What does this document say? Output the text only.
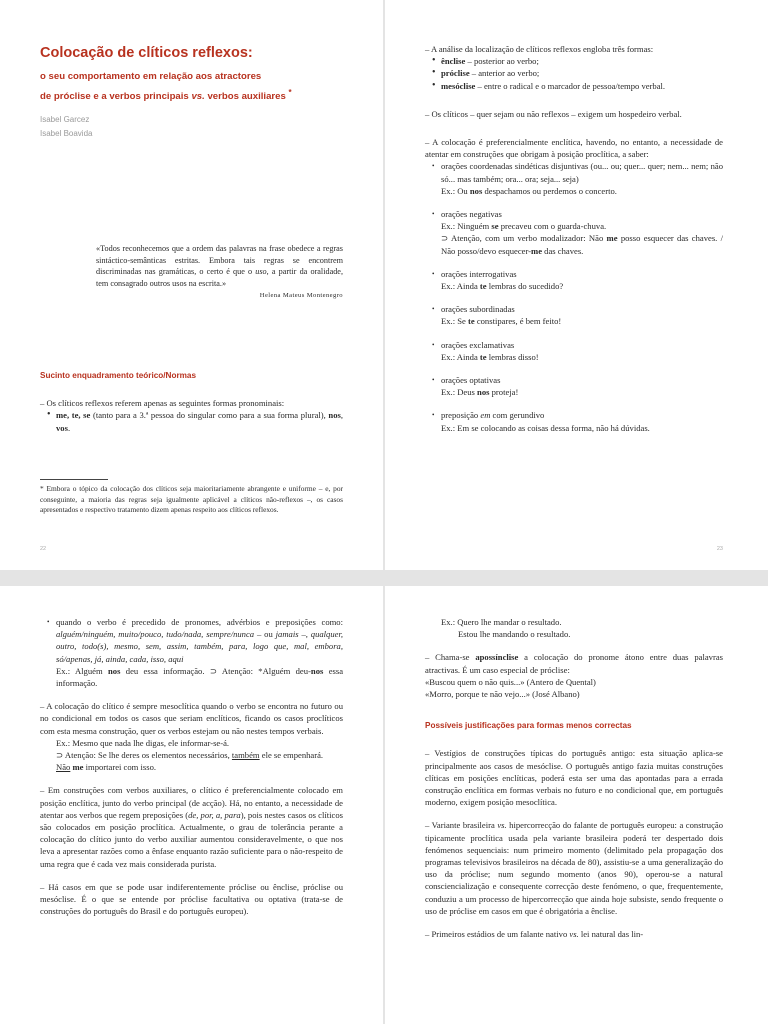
Colocação de clíticos reflexos:
o seu comportamento em relação aos atractores
de próclise e a verbos principais vs. verbos auxiliares *
Isabel Garcez
Isabel Boavida

«Todos reconhecemos que a ordem das palavras na frase obedece a regras sintáctico-semânticas estritas. Embora tais regras se encontrem discriminadas nas gramáticas, o certo é que o uso, a partir da oralidade, tem consagrado outros usos na escrita.»

Helena Mateus Montenegro

Sucinto enquadramento teórico/Normas

– Os clíticos reflexos referem apenas as seguintes formas pronominais:

• me, te, se (tanto para a 3.ª pessoa do singular como para a sua forma plural), nos, vos.
* Embora o tópico da colocação dos clíticos seja maioritariamente abrangente e uniforme – e, por conseguinte, a maioria das regras seja igualmente aplicável a clíticos não-reflexos –, os casos apresentados e respectivo tratamento dizem apenas respeito aos clíticos reflexos.
22

– A análise da localização de clíticos reflexos engloba três formas:

• ênclise – posterior ao verbo;
• próclise – anterior ao verbo;
• mesóclise – entre o radical e o marcador de pessoa/tempo verbal.

– Os clíticos – quer sejam ou não reflexos – exigem um hospedeiro verbal.

– A colocação é preferencialmente enclítica, havendo, no entanto, a necessidade de atentar em construções que obrigam à posição proclítica, a saber:

• orações coordenadas sindéticas disjuntivas (ou... ou; quer... quer; nem... nem; não só... mas também; ora... ora; seja... seja)
Ex.: Ou nos despachamos ou perdemos o concerto.
• orações negativas
Ex.: Ninguém se precaveu com o guarda-chuva.
⊃ Atenção, com um verbo modalizador: Não me posso esquecer das chaves. / Não posso/devo esquecer-me das chaves.
• orações interrogativas
Ex.: Ainda te lembras do sucedido?
• orações subordinadas
Ex.: Se te constipares, é bem feito!
• orações exclamativas
Ex.: Ainda te lembras disso!
• orações optativas
Ex.: Deus nos proteja!
• preposição em com gerundivo
Ex.: Em se colocando as coisas dessa forma, não há dúvidas.
23
• quando o verbo é precedido de pronomes, advérbios e preposições como: alguém/ninguém, muito/pouco, tudo/nada, sempre/nunca – ou jamais –, qualquer, outro, todo(s), mesmo, sem, assim, também, para, logo que, mal, embora, só/apenas, já, ainda, cada, isso, aqui
Ex.: Alguém nos deu essa informação. ⊃ Atenção: *Alguém deu-nos essa informação.

– A colocação do clítico é sempre mesoclítica quando o verbo se encontra no futuro ou no condicional em todos os casos que seriam enclíticos, ficando os casos proclíticos com esta mesma construção, quer os verbos estejam ou não nestes tempos verbais.

Ex.: Mesmo que nada lhe digas, ele informar-se-á.
⊃ Atenção: Se lhe deres os elementos necessários, também ele se empenhará.
Não me importarei com isso.

– Em construções com verbos auxiliares, o clítico é preferencialmente colocado em posição enclítica, junto do verbo principal (de acção). Há, no entanto, a necessidade de atentar aos verbos que regem preposições (de, por, a, para), pois nestes casos os clíticos são colocados em posição proclítica. Actualmente, o grau de tolerância perante a colocação do clítico junto do verbo auxiliar aumentou consideravelmente, o que nos leva a apresentar razões como a ênfase enquanto razão suficiente para o não-respeito de uma regra que é cada vez mais considerada purista.

– Há casos em que se pode usar indiferentemente próclise ou ênclise, próclise ou mesóclise. É o que se entende por próclise facultativa ou optativa (trata-se de construções do português do Brasil e do português europeu).

Ex.: Quero lhe mandar o resultado.
Estou lhe mandando o resultado.

– Chama-se apossínclise a colocação do pronome átono entre duas palavras atractivas. É um caso especial de próclise:

«Buscou quem o não quis...» (Antero de Quental)
«Morro, porque te não vejo...» (José Albano)

Possíveis justificações para formas menos correctas

– Vestígios de construções típicas do português antigo: esta situação aplica-se principalmente aos casos de mesóclise. O português antigo fazia muitas construções clíticas em posições enclíticas, poderá esta ser uma das apontadas para a errada construção enclítica em formas verbais no futuro e no condicional que, em português moderno, exigem posição mesoclítica.

– Variante brasileira vs. hipercorrecção do falante de português europeu: a construção tipicamente proclítica usada pela variante brasileira poderá ter despertado dois fenómenos sequenciais: num primeiro momento (delimitado pela propagação dos programas televisivos brasileiros na década de 80), assistiu-se a uma generalização do uso da próclise; num segundo momento (anos 90), operou-se a natural consciencialização e consequente correcção deste fenómeno, o que, frequentemente, conduziu a um processo de hipercorrecção que ainda hoje subsiste, sendo frequente o uso de próclise em casos em que é obrigatória a ênclise.

– Primeiros estádios de um falante nativo vs. lei natural das lin-
